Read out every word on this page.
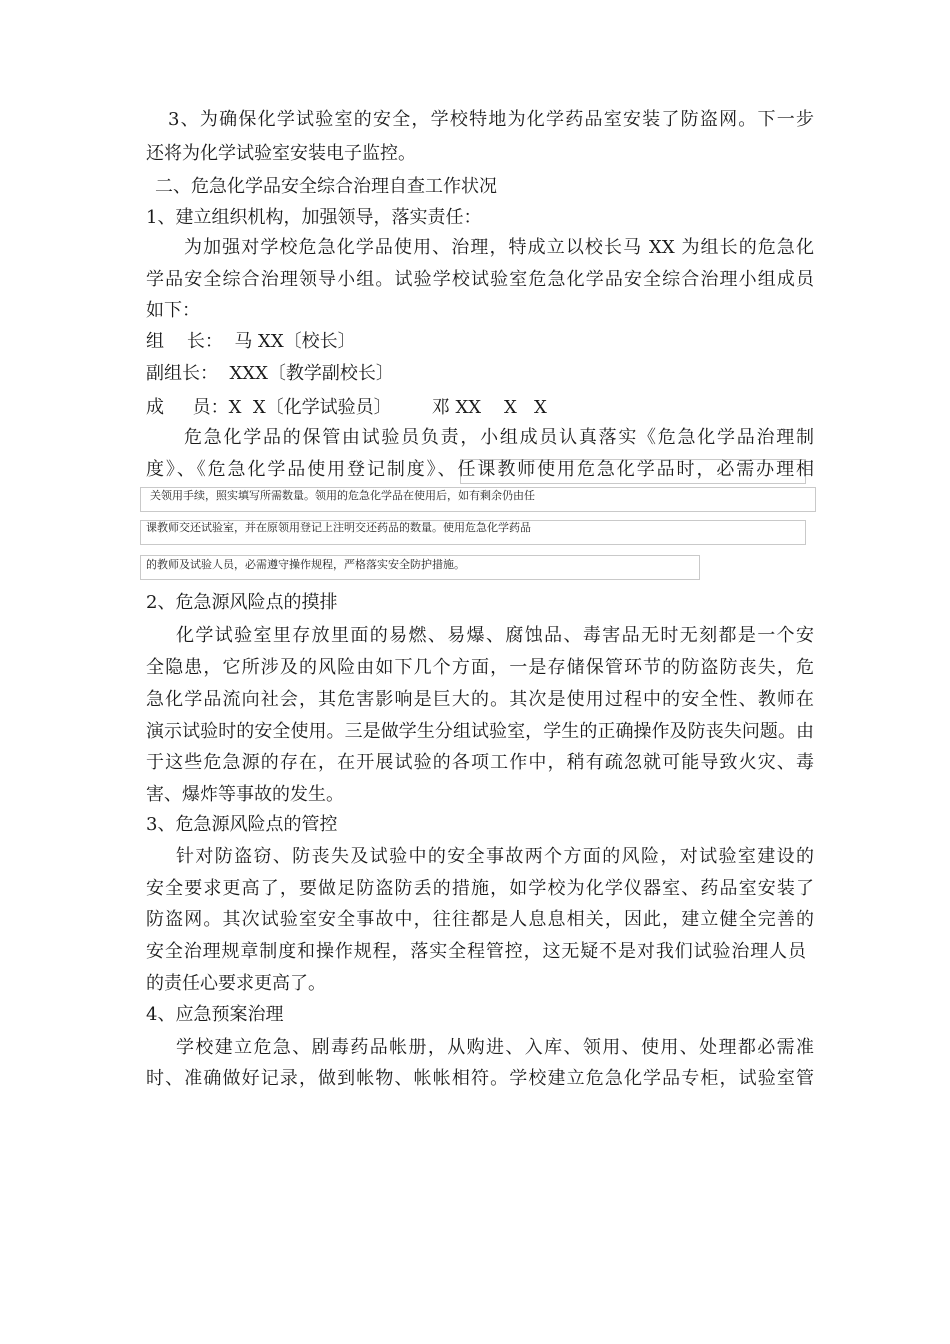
3、为确保化学试验室的安全，学校特地为化学药品室安装了防盗网。下一步
还将为化学试验室安装电子监控。
二、危急化学品安全综合治理自查工作状况
1、建立组织机构，加强领导，落实责任：
为加强对学校危急化学品使用、治理，特成立以校长马 XX 为组长的危急化
学品安全综合治理领导小组。试验学校试验室危急化学品安全综合治理小组成员
如下：
组    长：  马 XX〔校长〕
副组长：  XXX〔教学副校长〕
成     员：X  X〔化学试验员〕       邓 XX    X   X
危急化学品的保管由试验员负责，小组成员认真落实《危急化学品治理制
度》、《危急化学品使用登记制度》、任课教师使用危急化学品时，必需办理相
关领用手续，照实填写所需数量。领用的危急化学品在使用后，如有剩余仍由任
课教师交还试验室，并在原领用登记上注明交还药品的数量。使用危急化学药品
的教师及试验人员，必需遵守操作规程，严格落实安全防护措施。
2、危急源风险点的摸排
化学试验室里存放里面的易燃、易爆、腐蚀品、毒害品无时无刻都是一个安
全隐患，它所涉及的风险由如下几个方面，一是存储保管环节的防盗防丧失，危
急化学品流向社会，其危害影响是巨大的。其次是使用过程中的安全性、教师在
演示试验时的安全使用。三是做学生分组试验室，学生的正确操作及防丧失问题。由
于这些危急源的存在，在开展试验的各项工作中，稍有疏忽就可能导致火灾、毒
害、爆炸等事故的发生。
3、危急源风险点的管控
针对防盗窃、防丧失及试验中的安全事故两个方面的风险，对试验室建设的
安全要求更高了，要做足防盗防丢的措施，如学校为化学仪器室、药品室安装了
防盗网。其次试验室安全事故中，往往都是人息息相关，因此，建立健全完善的
安全治理规章制度和操作规程，落实全程管控，这无疑不是对我们试验治理人员
的责任心要求更高了。
4、应急预案治理
学校建立危急、剧毒药品帐册，从购进、入库、领用、使用、处理都必需准
时、准确做好记录，做到帐物、帐帐相符。学校建立危急化学品专柜，试验室管
